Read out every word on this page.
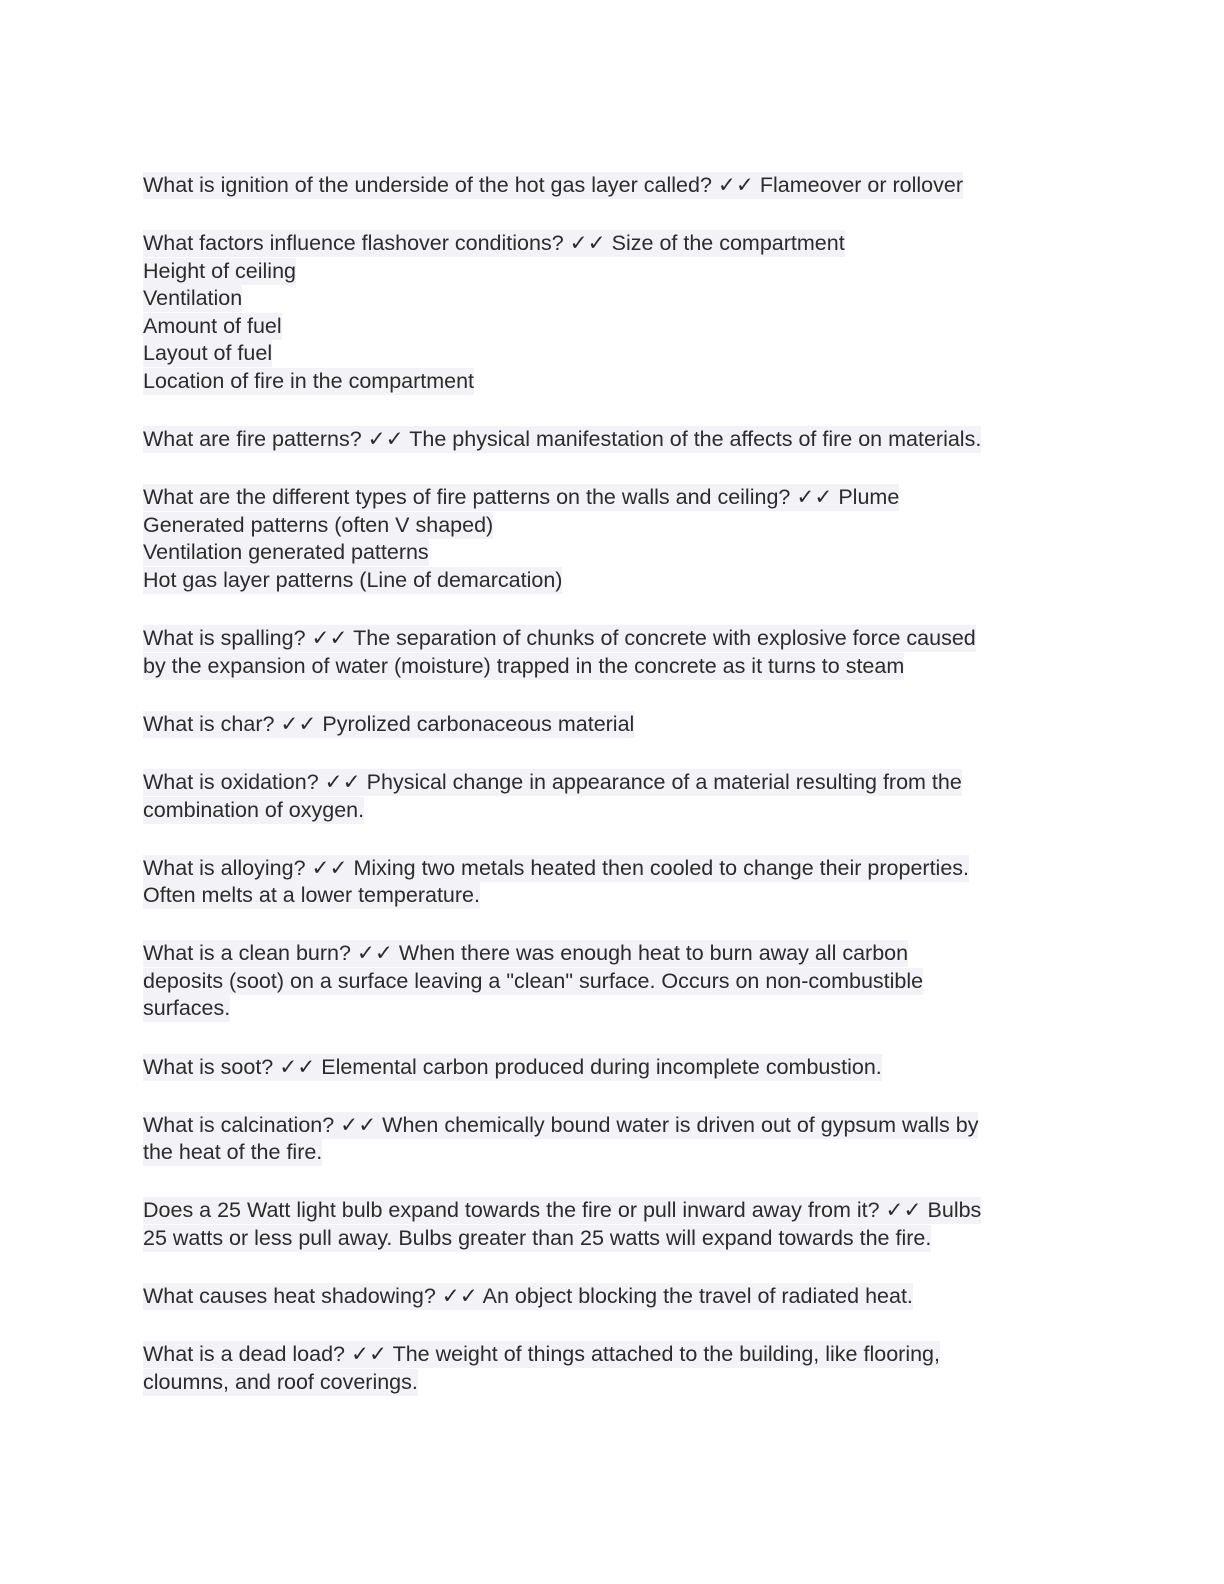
What is ignition of the underside of the hot gas layer called? ✓✓ Flameover or rollover
What factors influence flashover conditions? ✓✓ Size of the compartment
Height of ceiling
Ventilation
Amount of fuel
Layout of fuel
Location of fire in the compartment
What are fire patterns? ✓✓ The physical manifestation of the affects of fire on materials.
What are the different types of fire patterns on the walls and ceiling? ✓✓ Plume
Generated patterns (often V shaped)
Ventilation generated patterns
Hot gas layer patterns (Line of demarcation)
What is spalling? ✓✓ The separation of chunks of concrete with explosive force caused
by the expansion of water (moisture) trapped in the concrete as it turns to steam
What is char? ✓✓ Pyrolized carbonaceous material
What is oxidation? ✓✓ Physical change in appearance of a material resulting from the
combination of oxygen.
What is alloying? ✓✓ Mixing two metals heated then cooled to change their properties.
Often melts at a lower temperature.
What is a clean burn? ✓✓ When there was enough heat to burn away all carbon
deposits (soot) on a surface leaving a "clean" surface. Occurs on non-combustible
surfaces.
What is soot? ✓✓ Elemental carbon produced during incomplete combustion.
What is calcination? ✓✓ When chemically bound water is driven out of gypsum walls by
the heat of the fire.
Does a 25 Watt light bulb expand towards the fire or pull inward away from it? ✓✓ Bulbs
25 watts or less pull away. Bulbs greater than 25 watts will expand towards the fire.
What causes heat shadowing? ✓✓ An object blocking the travel of radiated heat.
What is a dead load? ✓✓ The weight of things attached to the building, like flooring,
cloumns, and roof coverings.
